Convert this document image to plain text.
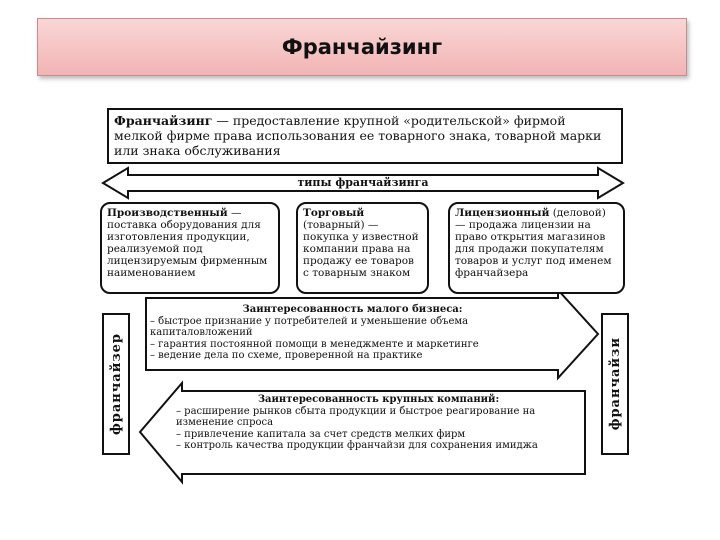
Франчайзинг
Франчайзинг — предоставление крупной «родительской» фирмой мелкой фирме права использования ее товарного знака, товарной марки или знака обслуживания
типы франчайзинга
Производственный — поставка оборудования для изготовления продукции, реализуемой под лицензируемым фирменным наименованием
Торговый (товарный) — покупка у известной компании права на продажу ее товаров с товарным знаком
Лицензионный (деловой) — продажа лицензии на право открытия магазинов для продажи покупателям товаров и услуг под именем франчайзера
франчайзер	франчайзи
Заинтересованность малого бизнеса:
– быстрое признание у потребителей и уменьшение объема капиталовложений
– гарантия постоянной помощи в менеджменте и маркетинге
– ведение дела по схеме, проверенной на практике
Заинтересованность крупных компаний:
– расширение рынков сбыта продукции и быстрое реагирование на изменение спроса
– привлечение капитала за счет средств мелких фирм
– контроль качества продукции франчайзи для сохранения имиджа
